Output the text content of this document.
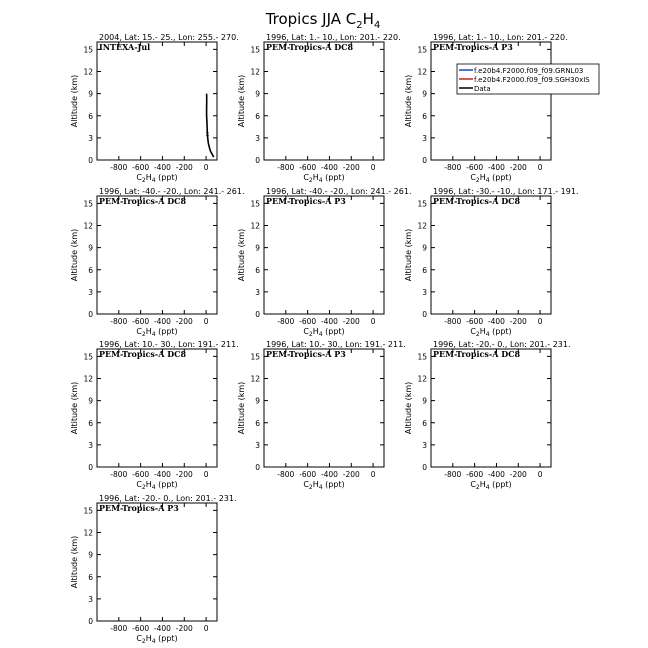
Tropics JJA $C_2H_4$
2004, Lat: 15.- 25., Lon: 255.- 270.
INTEXA-Jul
-800 -600 -400 -200 0
0
3
6
9
12
15
Altitude (km)
$C_2H_4$ (ppt)
x
1996, Lat: 1.- 10., Lon: 201.- 220.
PEM-Tropics-A DC8
-800 -600 -400 -200 0
0
3
6
9
12
15
Altitude (km)
$C_2H_4$ (ppt)
1996, Lat: 1.- 10., Lon: 201.- 220.
PEM-Tropics-A P3
-800 -600 -400 -200 0
0
3
6
9
12
15
Altitude (km)
$C_2H_4$ (ppt)
f.e20b4.F2000.f09_f09.GRNL03
f.e20b4.F2000.f09_f09.SGH30xIS
Data
1996, Lat: -40.- -20., Lon: 241.- 261.
PEM-Tropics-A DC8
-800 -600 -400 -200 0
0
3
6
9
12
15
Altitude (km)
$C_2H_4$ (ppt)
1996, Lat: -40.- -20., Lon: 241.- 261.
PEM-Tropics-A P3
-800 -600 -400 -200 0
0
3
6
9
12
15
Altitude (km)
$C_2H_4$ (ppt)
1996, Lat: -30.- -10., Lon: 171.- 191.
PEM-Tropics-A DC8
-800 -600 -400 -200 0
0
3
6
9
12
15
Altitude (km)
$C_2H_4$ (ppt)
1996, Lat: 10.- 30., Lon: 191.- 211.
PEM-Tropics-A DC8
-800 -600 -400 -200 0
0
3
6
9
12
15
Altitude (km)
$C_2H_4$ (ppt)
1996, Lat: 10.- 30., Lon: 191.- 211.
PEM-Tropics-A P3
-800 -600 -400 -200 0
0
3
6
9
12
15
Altitude (km)
$C_2H_4$ (ppt)
1996, Lat: -20.- 0., Lon: 201.- 231.
PEM-Tropics-A DC8
-800 -600 -400 -200 0
0
3
6
9
12
15
Altitude (km)
$C_2H_4$ (ppt)
1996, Lat: -20.- 0., Lon: 201.- 231.
PEM-Tropics-A P3
-800 -600 -400 -200 0
0
3
6
9
12
15
Altitude (km)
$C_2H_4$ (ppt)
